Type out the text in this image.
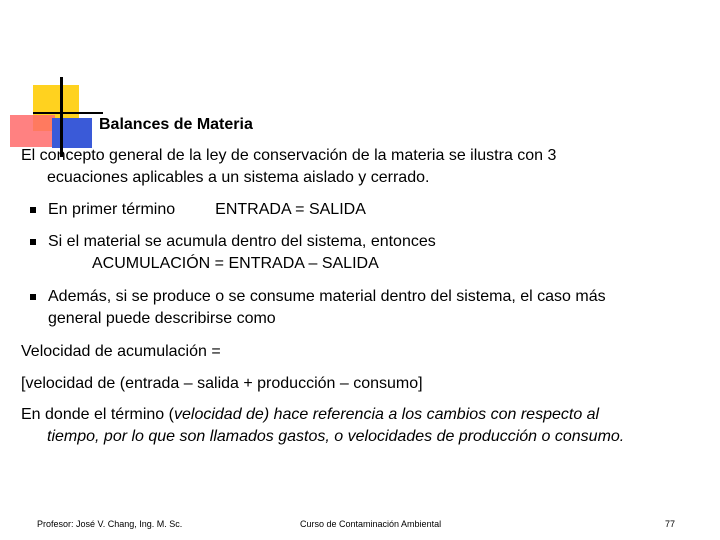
Balances de Materia
El concepto general de la ley de conservación de la materia se ilustra con 3
ecuaciones aplicables a un sistema aislado y cerrado.
En primer término	ENTRADA = SALIDA
Si el material se acumula dentro del sistema, entonces
ACUMULACIÓN = ENTRADA – SALIDA
Además, si se produce o se consume material dentro del sistema, el caso más
general puede describirse como
Velocidad de acumulación =
[velocidad de (entrada – salida + producción – consumo]
En donde el término (velocidad de) hace referencia a los cambios con respecto al
tiempo, por lo que son llamados gastos, o velocidades de producción o consumo.
Profesor: José V. Chang, Ing. M. Sc.	Curso de Contaminación Ambiental	77
